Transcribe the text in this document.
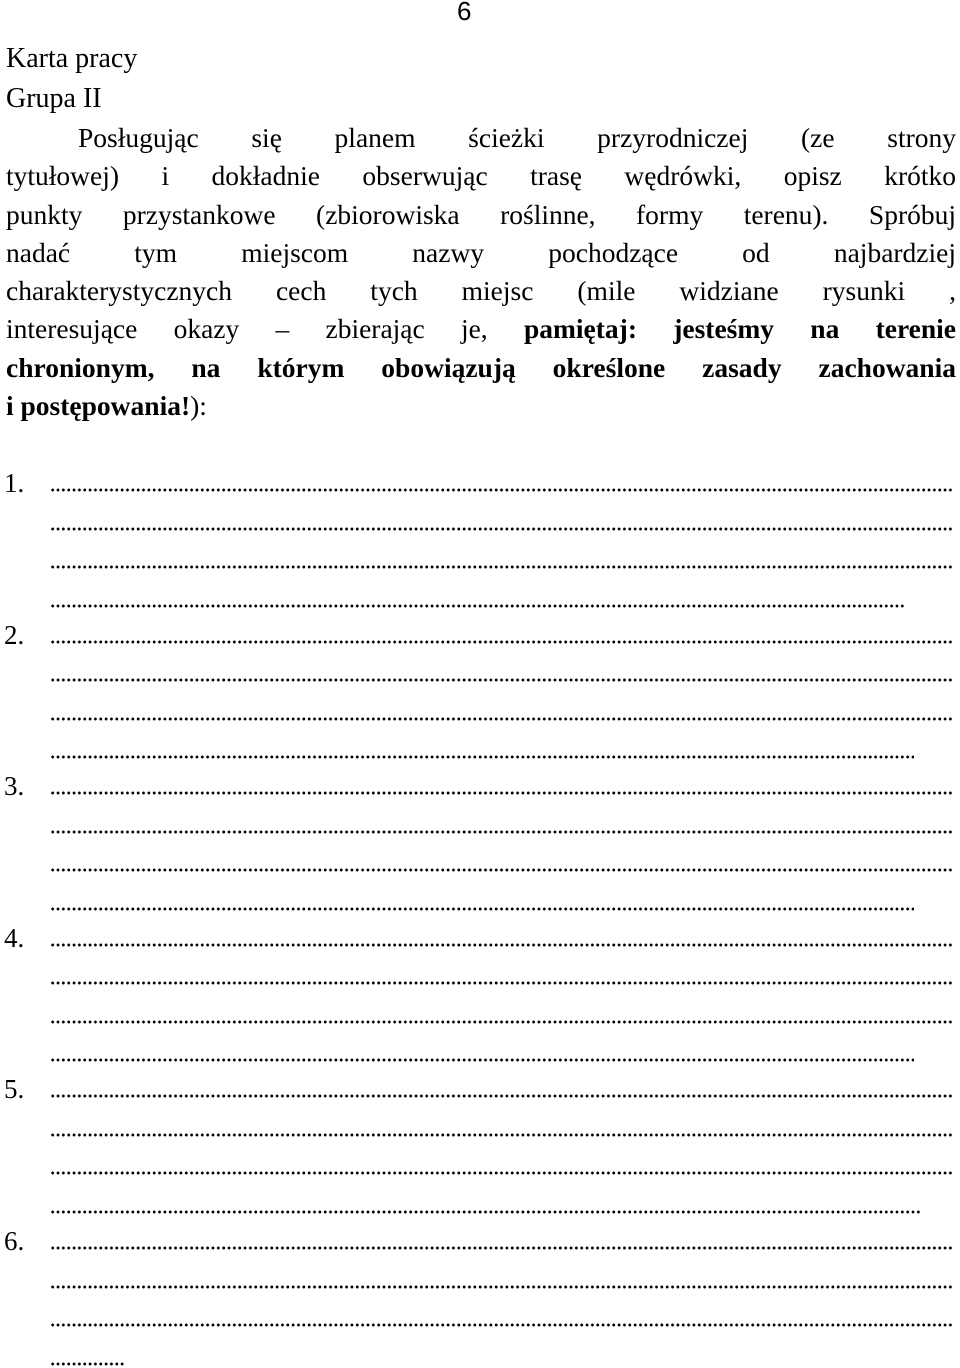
6
Karta pracy
Grupa II
Posługując się planem ścieżki przyrodniczej (ze strony
tytułowej) i dokładnie obserwując trasę wędrówki, opisz krótko
punkty przystankowe (zbiorowiska roślinne, formy terenu). Spróbuj
nadać tym miejscom nazwy pochodzące od najbardziej
charakterystycznych cech tych miejsc (mile widziane rysunki ,
interesujące okazy – zbierając je, pamiętaj: jesteśmy na terenie
chronionym, na którym obowiązują określone zasady zachowania
i postępowania!):
1.
2.
3.
4.
5.
6.
